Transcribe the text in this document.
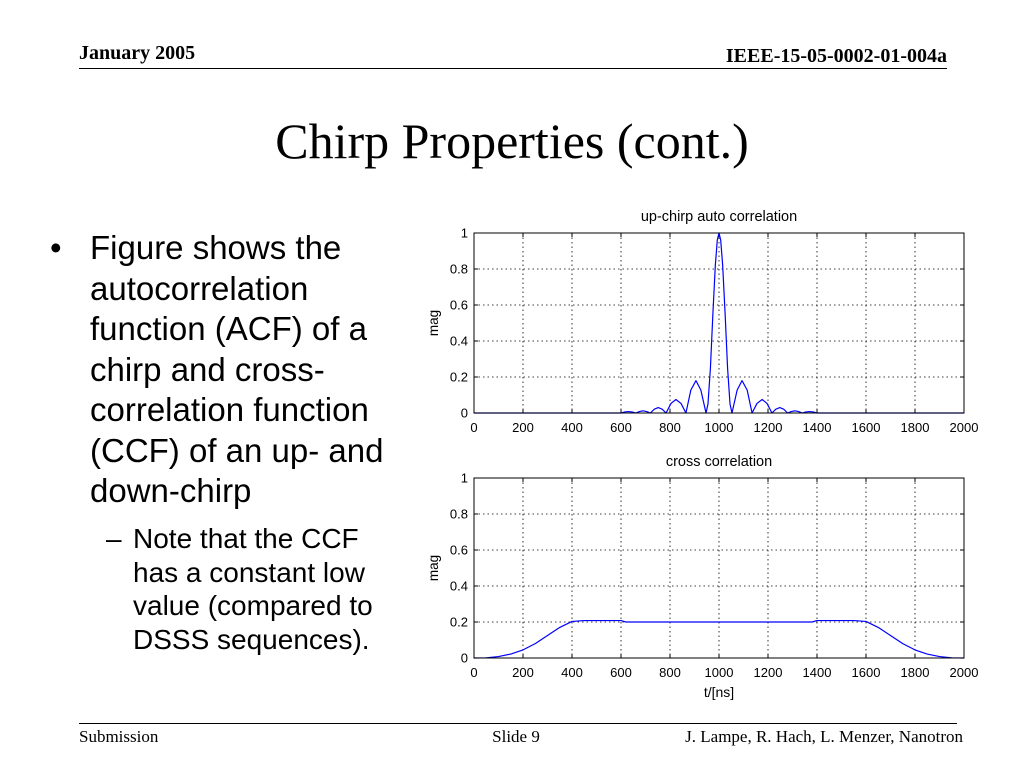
January 2005	IEEE-15-05-0002-01-004a
Chirp Properties (cont.)
• Figure shows the autocorrelation function (ACF) of a chirp and cross-correlation function (CCF) of an up- and down-chirp
– Note that the CCF has a constant low value (compared to DSSS sequences).
up-chirp auto correlation
mag
0	200 400 600 800 1000 1200 1400 1600 1800 2000
0
0.2
0.4
0.6
0.8
1
cross correlation
mag
t/[ns]
0	200 400 600 800 1000 1200 1400 1600 1800 2000
0
0.2
0.4
0.6
0.8
1
Submission	Slide 9	J. Lampe, R. Hach, L. Menzer, Nanotron
